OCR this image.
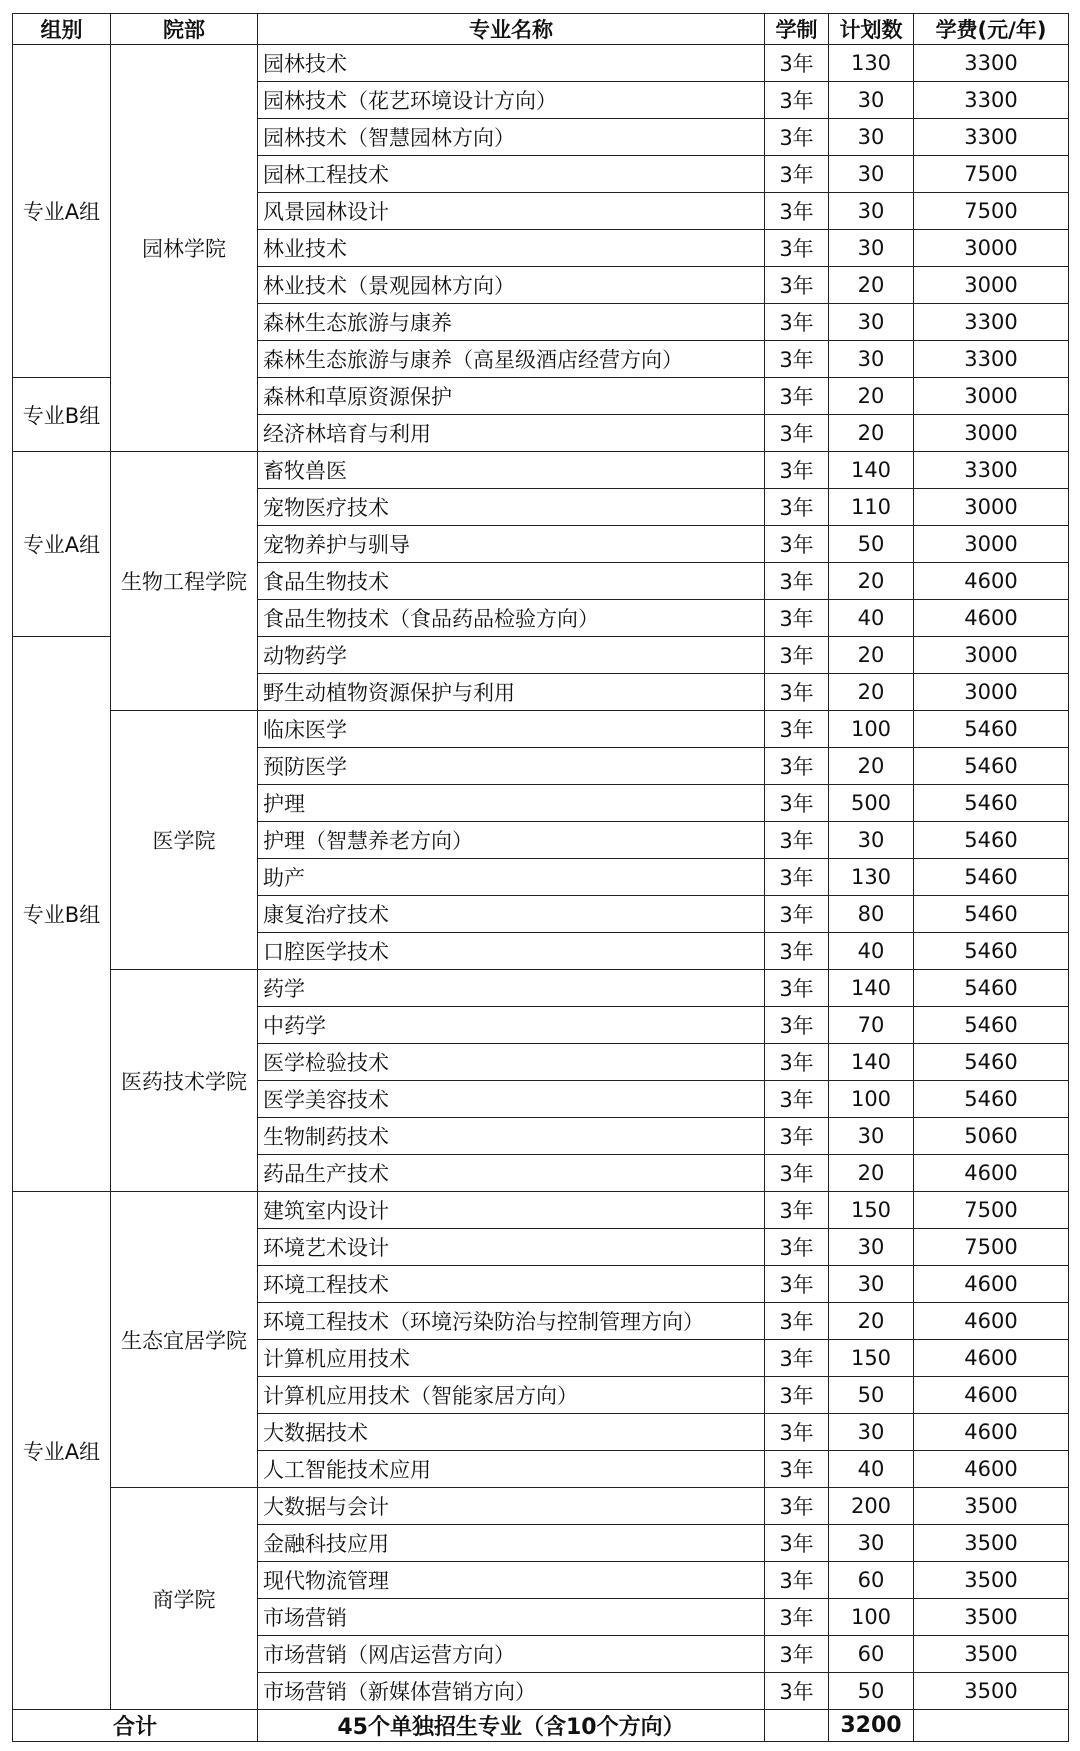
组别	院部	专业名称	学制	计划数	学费(元/年)
专业A组	园林学院	园林技术	3年	130	3300
		园林技术（花艺环境设计方向）	3年	30	3300
		园林技术（智慧园林方向）	3年	30	3300
		园林工程技术	3年	30	7500
		风景园林设计	3年	30	7500
		林业技术	3年	30	3000
		林业技术（景观园林方向）	3年	20	3000
		森林生态旅游与康养	3年	30	3300
		森林生态旅游与康养（高星级酒店经营方向）	3年	30	3300
专业B组		森林和草原资源保护	3年	20	3000
		经济林培育与利用	3年	20	3000
专业A组	生物工程学院	畜牧兽医	3年	140	3300
		宠物医疗技术	3年	110	3000
		宠物养护与驯导	3年	50	3000
		食品生物技术	3年	20	4600
		食品生物技术（食品药品检验方向）	3年	40	4600
专业B组		动物药学	3年	20	3000
		野生动植物资源保护与利用	3年	20	3000
	医学院	临床医学	3年	100	5460
		预防医学	3年	20	5460
		护理	3年	500	5460
		护理（智慧养老方向）	3年	30	5460
		助产	3年	130	5460
		康复治疗技术	3年	80	5460
		口腔医学技术	3年	40	5460
	医药技术学院	药学	3年	140	5460
		中药学	3年	70	5460
		医学检验技术	3年	140	5460
		医学美容技术	3年	100	5460
		生物制药技术	3年	30	5060
		药品生产技术	3年	20	4600
专业A组	生态宜居学院	建筑室内设计	3年	150	7500
		环境艺术设计	3年	30	7500
		环境工程技术	3年	30	4600
		环境工程技术（环境污染防治与控制管理方向）	3年	20	4600
		计算机应用技术	3年	150	4600
		计算机应用技术（智能家居方向）	3年	50	4600
		大数据技术	3年	30	4600
		人工智能技术应用	3年	40	4600
	商学院	大数据与会计	3年	200	3500
		金融科技应用	3年	30	3500
		现代物流管理	3年	60	3500
		市场营销	3年	100	3500
		市场营销（网店运营方向）	3年	60	3500
		市场营销（新媒体营销方向）	3年	50	3500
合计		45个单独招生专业（含10个方向）		3200	
